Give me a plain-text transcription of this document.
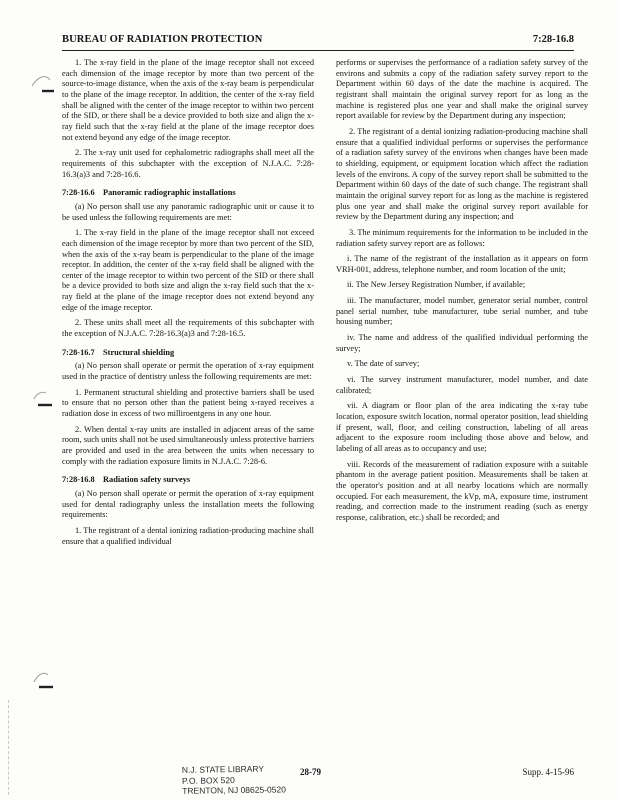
BUREAU OF RADIATION PROTECTION	7:28-16.8

1. The x-ray field in the plane of the image receptor shall not exceed each dimension of the image receptor by more than two percent of the source-to-image distance, when the axis of the x-ray beam is perpendicular to the plane of the image receptor. In addition, the center of the x-ray field shall be aligned with the center of the image receptor to within two percent of the SID, or there shall be a device provided to both size and align the x-ray field such that the x-ray field at the plane of the image receptor does not extend beyond any edge of the image receptor.

2. The x-ray unit used for cephalometric radiographs shall meet all the requirements of this subchapter with the exception of N.J.A.C. 7:28-16.3(a)3 and 7:28-16.6.

7:28-16.6  Panoramic radiographic installations

(a) No person shall use any panoramic radiographic unit or cause it to be used unless the following requirements are met:

1. The x-ray field in the plane of the image receptor shall not exceed each dimension of the image receptor by more than two percent of the SID, when the axis of the x-ray beam is perpendicular to the plane of the image receptor. In addition, the center of the x-ray field shall be aligned with the center of the image receptor to within two percent of the SID or there shall be a device provided to both size and align the x-ray field such that the x-ray field at the plane of the image receptor does not extend beyond any edge of the image receptor.

2. These units shall meet all the requirements of this subchapter with the exception of N.J.A.C. 7:28-16.3(a)3 and 7:28-16.5.

7:28-16.7  Structural shielding

(a) No person shall operate or permit the operation of x-ray equipment used in the practice of dentistry unless the following requirements are met:

1. Permanent structural shielding and protective barriers shall be used to ensure that no person other than the patient being x-rayed receives a radiation dose in excess of two milliroentgens in any one hour.

2. When dental x-ray units are installed in adjacent areas of the same room, such units shall not be used simultaneously unless protective barriers are provided and used in the area between the units when necessary to comply with the radiation exposure limits in N.J.A.C. 7:28-6.

7:28-16.8  Radiation safety surveys

(a) No person shall operate or permit the operation of x-ray equipment used for dental radiography unless the installation meets the following requirements:

1. The registrant of a dental ionizing radiation-producing machine shall ensure that a qualified individual

performs or supervises the performance of a radiation safety survey of the environs and submits a copy of the radiation safety survey report to the Department within 60 days of the date the machine is acquired. The registrant shall maintain the original survey report for as long as the machine is registered plus one year and shall make the original survey report available for review by the Department during any inspection;

2. The registrant of a dental ionizing radiation-producing machine shall ensure that a qualified individual performs or supervises the performance of a radiation safety survey of the environs when changes have been made to shielding, equipment, or equipment location which affect the radiation levels of the environs. A copy of the survey report shall be submitted to the Department within 60 days of the date of such change. The registrant shall maintain the original survey report for as long as the machine is registered plus one year and shall make the original survey report available for review by the Department during any inspection; and

3. The minimum requirements for the information to be included in the radiation safety survey report are as follows:

i. The name of the registrant of the installation as it appears on form VRH-001, address, telephone number, and room location of the unit;

ii. The New Jersey Registration Number, if available;

iii. The manufacturer, model number, generator serial number, control panel serial number, tube manufacturer, tube serial number, and tube housing number;

iv. The name and address of the qualified individual performing the survey;

v. The date of survey;

vi. The survey instrument manufacturer, model number, and date calibrated;

vii. A diagram or floor plan of the area indicating the x-ray tube location, exposure switch location, normal operator position, lead shielding if present, wall, floor, and ceiling construction, labeling of all areas adjacent to the exposure room including those above and below, and labeling of all areas as to occupancy and use;

viii. Records of the measurement of radiation exposure with a suitable phantom in the average patient position. Measurements shall be taken at the operator's position and at all nearby locations which are normally occupied. For each measurement, the kVp, mA, exposure time, instrument reading, and correction made to the instrument reading (such as energy response, calibration, etc.) shall be recorded; and

N.J. STATE LIBRARY
P.O. BOX 520
TRENTON, NJ 08625-0520
28-79	Supp. 4-15-96
